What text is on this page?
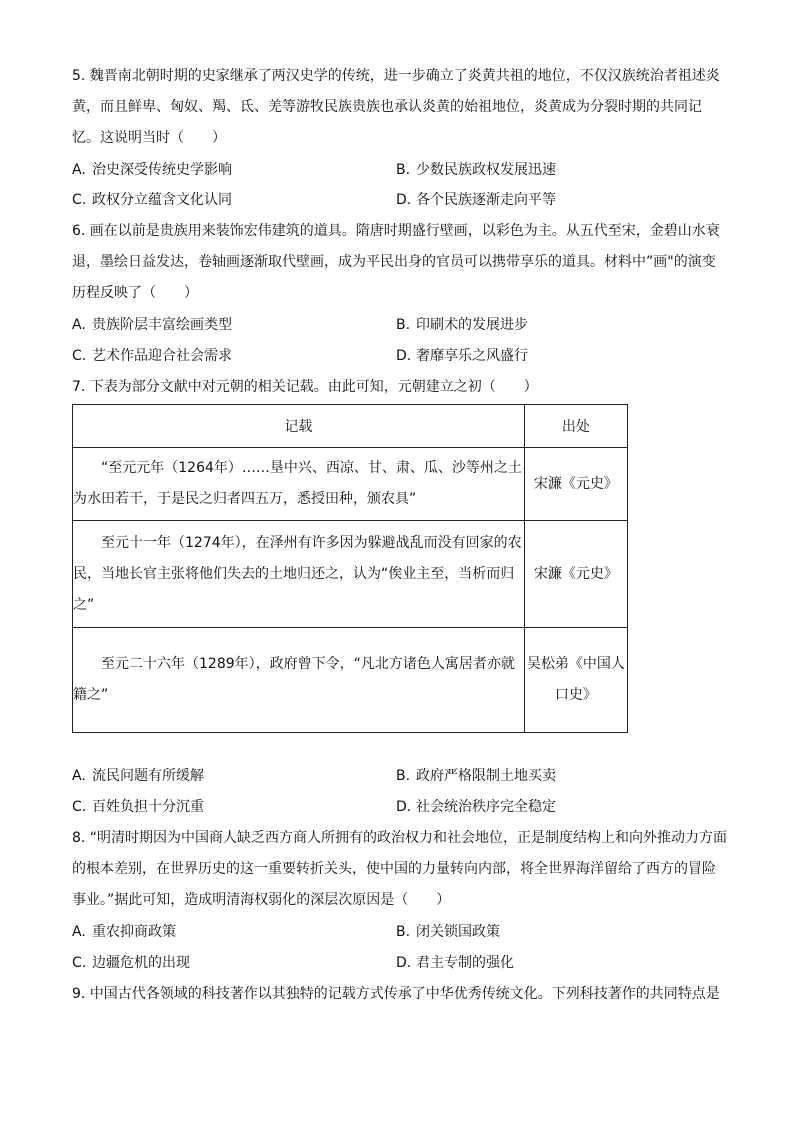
5. 魏晋南北朝时期的史家继承了两汉史学的传统，进一步确立了炎黄共祖的地位，不仅汉族统治者祖述炎黄，而且鲜卑、匈奴、羯、氐、羌等游牧民族贵族也承认炎黄的始祖地位，炎黄成为分裂时期的共同记忆。这说明当时（　　）

A. 治史深受传统史学影响	B. 少数民族政权发展迅速
C. 政权分立蕴含文化认同	D. 各个民族逐渐走向平等

6. 画在以前是贵族用来装饰宏伟建筑的道具。隋唐时期盛行壁画，以彩色为主。从五代至宋，金碧山水衰退，墨绘日益发达，卷轴画逐渐取代壁画，成为平民出身的官员可以携带享乐的道具。材料中”画"的演变历程反映了（　　）

A. 贵族阶层丰富绘画类型	B. 印刷术的发展进步
C. 艺术作品迎合社会需求	D. 奢靡享乐之风盛行

7. 下表为部分文献中对元朝的相关记载。由此可知，元朝建立之初（　　）

记载	出处
“至元元年（1264年）……垦中兴、西凉、甘、肃、瓜、沙等州之土为水田若干，于是民之归者四五万，悉授田种，颁农具”	宋濂《元史》
至元十一年（1274年），在泽州有许多因为躲避战乱而没有回家的农民，当地长官主张将他们失去的土地归还之，认为“俟业主至，当析而归之”	宋濂《元史》
至元二十六年（1289年），政府曾下令，“凡北方诸色人寓居者亦就籍之”	吴松弟《中国人口史》
A. 流民问题有所缓解	B. 政府严格限制土地买卖
C. 百姓负担十分沉重	D. 社会统治秩序完全稳定

8. “明清时期因为中国商人缺乏西方商人所拥有的政治权力和社会地位，正是制度结构上和向外推动力方面的根本差别，在世界历史的这一重要转折关头，使中国的力量转向内部，将全世界海洋留给了西方的冒险事业。”据此可知，造成明清海权弱化的深层次原因是（　　）

A. 重农抑商政策	B. 闭关锁国政策
C. 边疆危机的出现	D. 君主专制的强化

9. 中国古代各领域的科技著作以其独特的记载方式传承了中华优秀传统文化。下列科技著作的共同特点是
